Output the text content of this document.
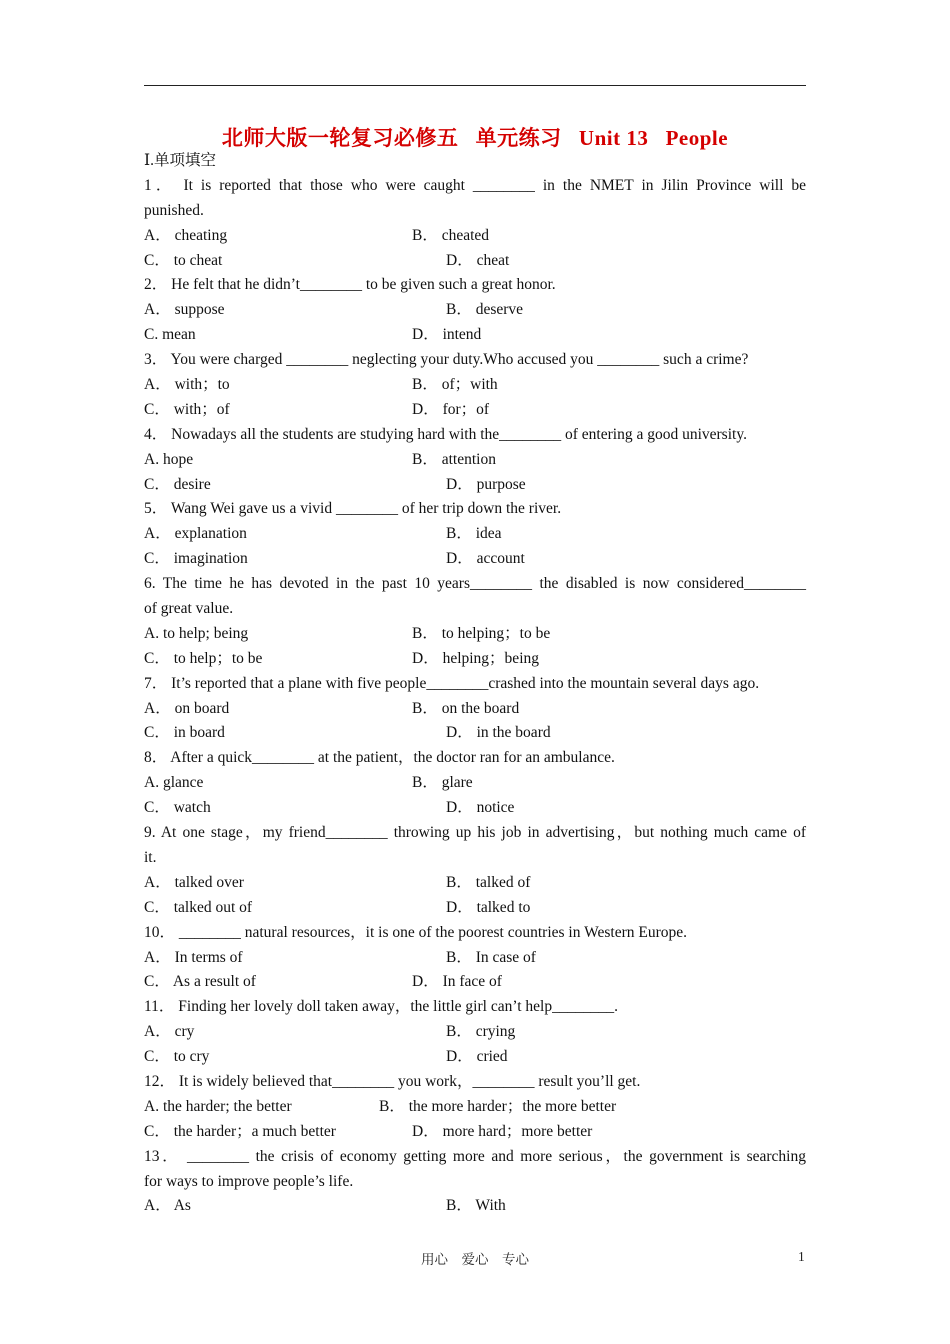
北师大版一轮复习必修五   单元练习   Unit 13   People
Ⅰ.单项填空
1． It is reported that those who were caught ________ in the NMET in Jilin Province will be
punished.
A． cheating	B． cheated
C． to cheat	D． cheat
2． He felt that he didn’t________ to be given such a great honor.
A． suppose	B． deserve
C. mean	D． intend
3． You were charged ________ neglecting your duty.Who accused you ________ such a crime?
A． with；to	B． of；with
C． with；of	D． for；of
4． Nowadays all the students are studying hard with the________ of entering a good university.
A. hope	B． attention
C． desire	D． purpose
5． Wang Wei gave us a vivid ________ of her trip down the river.
A． explanation	B． idea
C． imagination	D． account
6. The time he has devoted in the past 10 years________ the disabled is now considered________
of great value.
A. to help; being	B． to helping；to be
C． to help；to be	D． helping；being
7． It’s reported that a plane with five people________crashed into the mountain several days ago.
A． on board	B． on the board
C． in board	D． in the board
8． After a quick________ at the patient，the doctor ran for an ambulance.
A. glance	B． glare
C． watch	D． notice
9. At one stage，my friend________ throwing up his job in advertising，but nothing much came of
it.
A． talked over	B． talked of
C． talked out of	D． talked to
10． ________ natural resources，it is one of the poorest countries in Western Europe.
A． In terms of	B． In case of
C． As a result of	D． In face of
11． Finding her lovely doll taken away，the little girl can’t help________.
A． cry	B． crying
C． to cry	D． cried
12． It is widely believed that________ you work，________ result you’ll get.
A. the harder; the better	B． the more harder；the more better
C． the harder；a much better	D． more hard；more better
13． ________ the crisis of economy getting more and more serious，the government is searching
for ways to improve people’s life.
A． As	B． With
用心    爱心    专心	1
